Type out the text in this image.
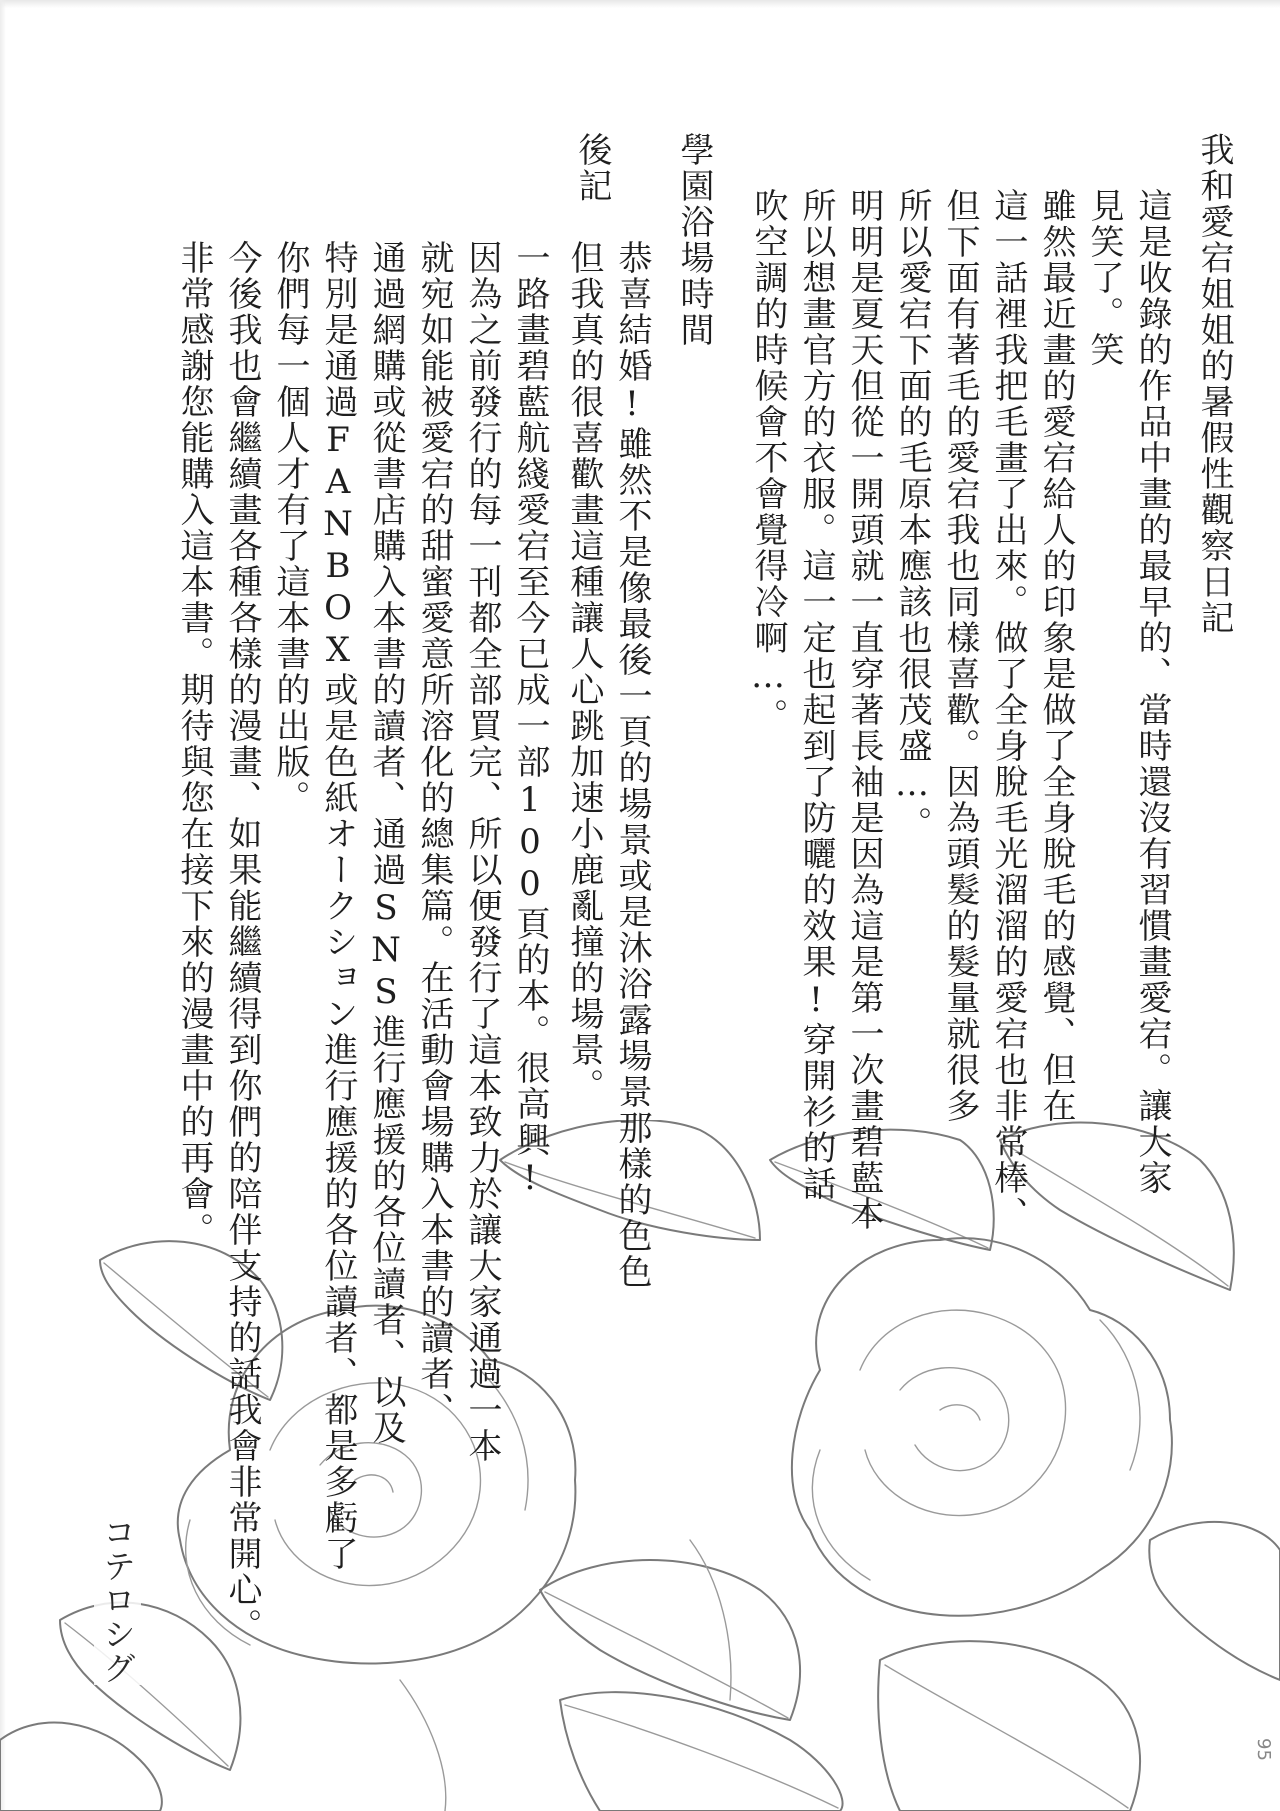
我和愛宕姐姐的暑假性觀察日記
這是收錄的作品中畫的最早的、當時還沒有習慣畫愛宕。讓大家
見笑了。笑
雖然最近畫的愛宕給人的印象是做了全身脫毛的感覺、但在
這一話裡我把毛畫了出來。做了全身脫毛光溜溜的愛宕也非常棒、
但下面有著毛的愛宕我也同樣喜歡。因為頭髮的髮量就很多
所以愛宕下面的毛原本應該也很茂盛…。
明明是夏天但從一開頭就一直穿著長袖是因為這是第一次畫碧藍本
所以想畫官方的衣服。這一定也起到了防曬的效果!穿開衫的話
吹空調的時候會不會覺得冷啊…。
學園浴場時間
恭喜結婚!雖然不是像最後一頁的場景或是沐浴露場景那樣的色色
但我真的很喜歡畫這種讓人心跳加速小鹿亂撞的場景。
後記
一路畫碧藍航綫愛宕至今已成一部100頁的本。很高興!
因為之前發行的每一刊都全部買完、所以便發行了這本致力於讓大家通過一本
就宛如能被愛宕的甜蜜愛意所溶化的總集篇。在活動會場購入本書的讀者、
通過網購或從書店購入本書的讀者、通過SNS進行應援的各位讀者、以及
特別是通過FANBOX或是色紙オークション進行應援的各位讀者、都是多虧了
你們每一個人才有了這本書的出版。
今後我也會繼續畫各種各樣的漫畫、如果能繼續得到你們的陪伴支持的話我會非常開心。
非常感謝您能購入這本書。期待與您在接下來的漫畫中的再會。
コテロシグ
95
